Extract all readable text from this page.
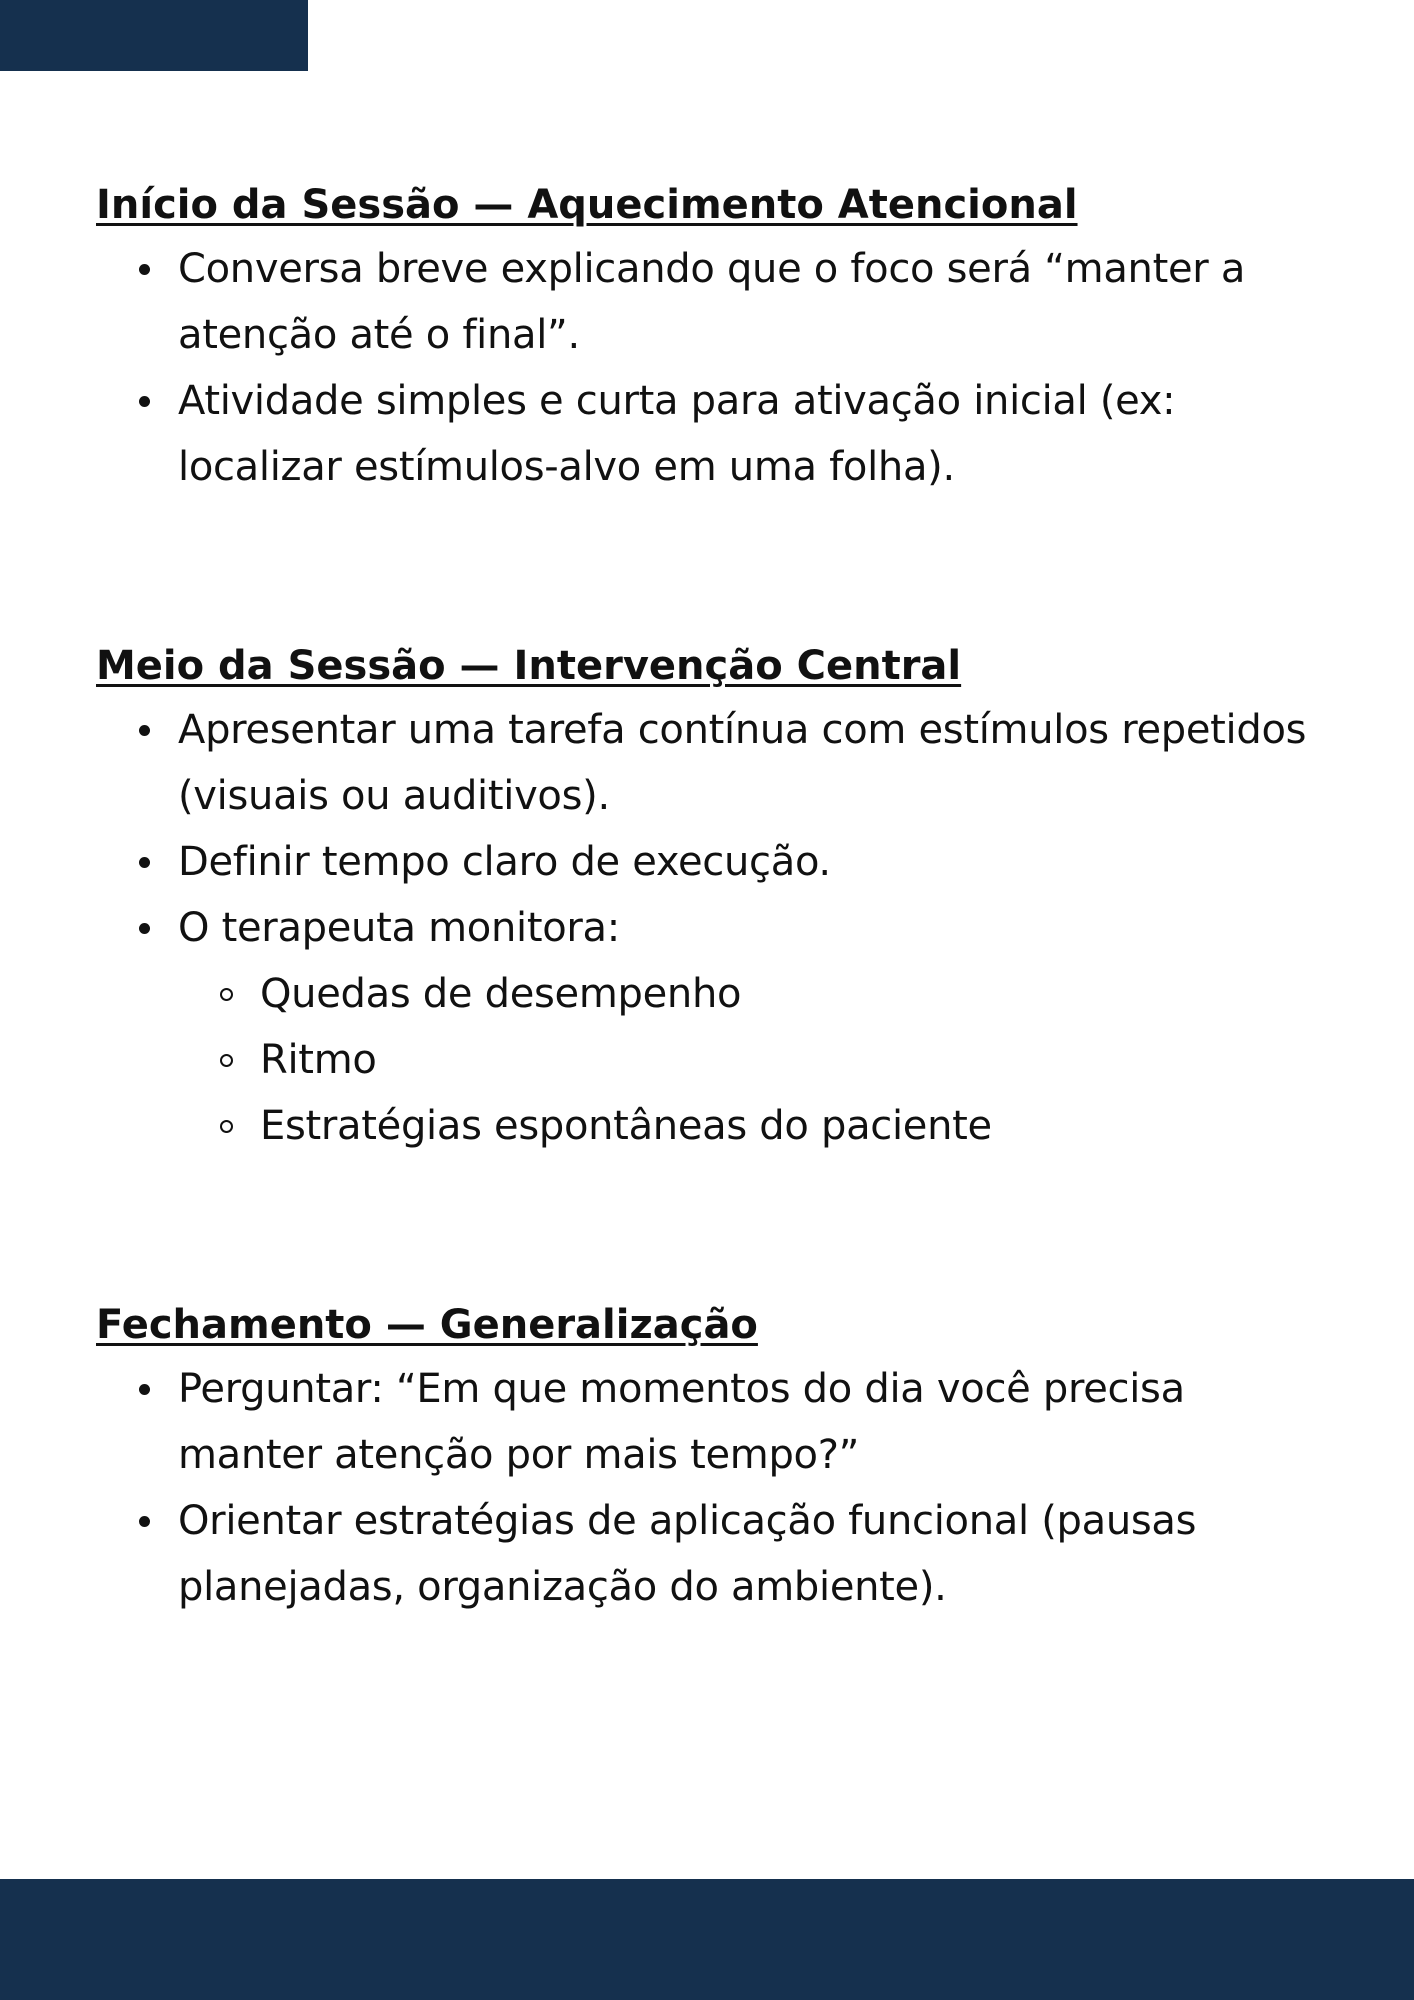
Início da Sessão — Aquecimento Atencional
Conversa breve explicando que o foco será “manter a atenção até o final”.
Atividade simples e curta para ativação inicial (ex: localizar estímulos-alvo em uma folha).
Meio da Sessão — Intervenção Central
Apresentar uma tarefa contínua com estímulos repetidos (visuais ou auditivos).
Definir tempo claro de execução.
O terapeuta monitora:
Quedas de desempenho
Ritmo
Estratégias espontâneas do paciente
Fechamento — Generalização
Perguntar: “Em que momentos do dia você precisa manter atenção por mais tempo?”
Orientar estratégias de aplicação funcional (pausas planejadas, organização do ambiente).
